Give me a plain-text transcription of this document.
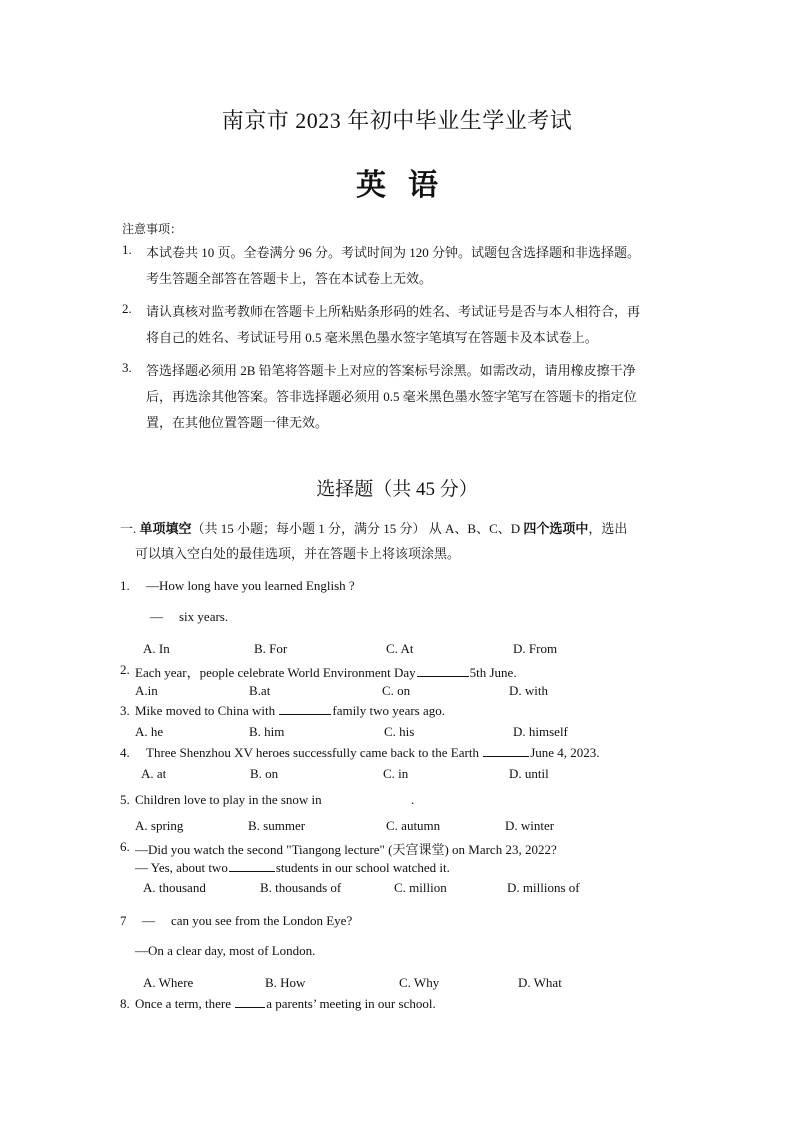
南京市 2023 年初中毕业生学业考试
英语
注意事项：
1. 本试卷共 10 页。全卷满分 96 分。考试时间为 120 分钟。试题包含选择题和非选择题。
考生答题全部答在答题卡上，答在本试卷上无效。
2. 请认真核对监考教师在答题卡上所粘贴条形码的姓名、考试证号是否与本人相符合，再
将自己的姓名、考试证号用 0.5 毫米黑色墨水签字笔填写在答题卡及本试卷上。
3. 答选择题必须用 2B 铅笔将答题卡上对应的答案标号涂黑。如需改动，请用橡皮擦干净
后，再选涂其他答案。答非选择题必须用 0.5 毫米黑色墨水签字笔写在答题卡的指定位
置，在其他位置答题一律无效。
选择题（共 45 分）
一. 单项填空（共 15 小题；每小题 1 分，满分 15 分） 从 A、B、C、D 四个选项中，选出
可以填入空白处的最佳选项，并在答题卡上将该项涂黑。
1. —How long have you learned English ?
— six years.
A. In	B. For	C. At	D. From
2. Each year，people celebrate World Environment Day	5th June.
A.in	B.at	C. on	D. with
3. Mike moved to China with	family two years ago.
A. he	B. him	C. his	D. himself
4. Three Shenzhou XV heroes successfully came back to the Earth	June 4, 2023.
A. at	B. on	C. in	D. until
5. Children love to play in the snow in	.
A. spring	B. summer	C. autumn	D. winter
6. —Did you watch the second "Tiangong lecture" (天宫课堂) on March 23, 2022?
— Yes, about two	students in our school watched it.
A. thousand	B. thousands of	C. million	D. millions of
7 — can you see from the London Eye?
—On a clear day, most of London.
A. Where	B. How	C. Why	D. What
8. Once a term, there a parents’ meeting in our school.
